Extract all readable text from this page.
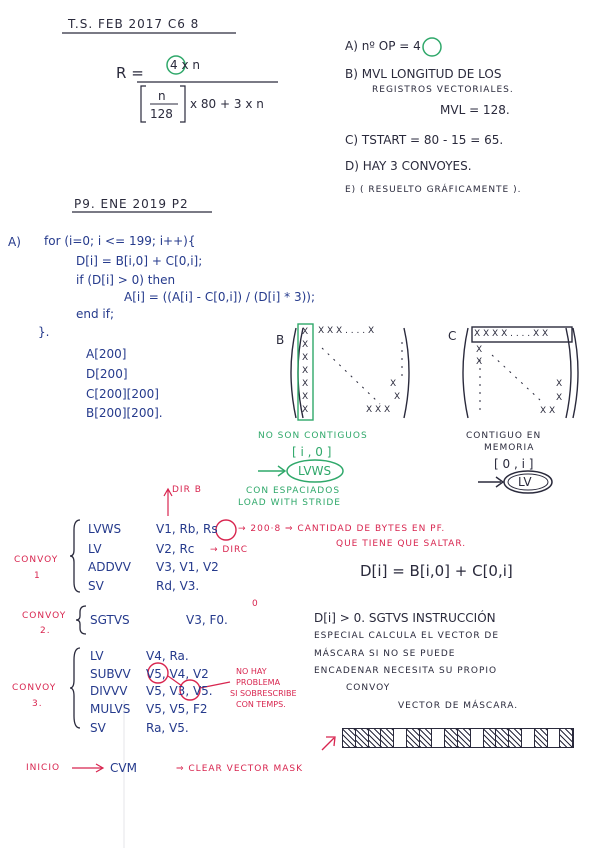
T.S. FEB 2017 C6 8
R = 4 x n
n
128
x 80 + 3 x n
A) nº OP = 4
B) MVL LONGITUD DE LOS
REGISTROS VECTORIALES.
MVL = 128.
C) TSTART = 80 - 15 = 65.
D) HAY 3 CONVOYES.
E) ( RESUELTO GRÁFICAMENTE ).
P9. ENE 2019 P2
A) for (i=0; i <= 199; i++){
D[i] = B[i,0] + C[0,i];
if (D[i] > 0) then
A[i] = ((A[i] - C[0,i]) / (D[i] * 3));
end if;
}.
A[200]
D[200]
C[200][200]
B[200][200].
B
X
X
X
X
X
X
X
X X X . . . . X
X
X
X X X
C X X X X . . . . X X
X
X
X
X
X X
NO SON CONTIGUOS
[ i , 0 ]
LVWS
CON ESPACIADOS
LOAD WITH STRIDE
CONTIGUO EN
MEMORIA
[ 0 , i ]
LV
DIR B
CONVOY
1
LVWS	V1, Rb, Rs
LV	V2, Rc
ADDVV V3, V1, V2
SV	Rd, V3.
→ 200·8 ⇒ CANTIDAD DE BYTES EN PF.
QUE TIENE QUE SALTAR.
→ DIRC
D[i] = B[i,0] + C[0,i]
CONVOY
2.
SGTVS	V3, F0.
0
D[i] > 0. SGTVS INSTRUCCIÓN
ESPECIAL CALCULA EL VECTOR DE
MÁSCARA SI NO SE PUEDE
ENCADENAR NECESITA SU PROPIO
CONVOY
CONVOY
3.
LV	V4, Ra.
SUBVV V5, V4, V2
DIVVV V5, V3, V5.
MULVS V5, V5, F2
SV	Ra, V5.
NO HAY
PROBLEMA
SI SOBRESCRIBE
CON TEMPS.	VECTOR DE MÁSCARA.
INICIO	CVM	⇒ CLEAR VECTOR MASK
